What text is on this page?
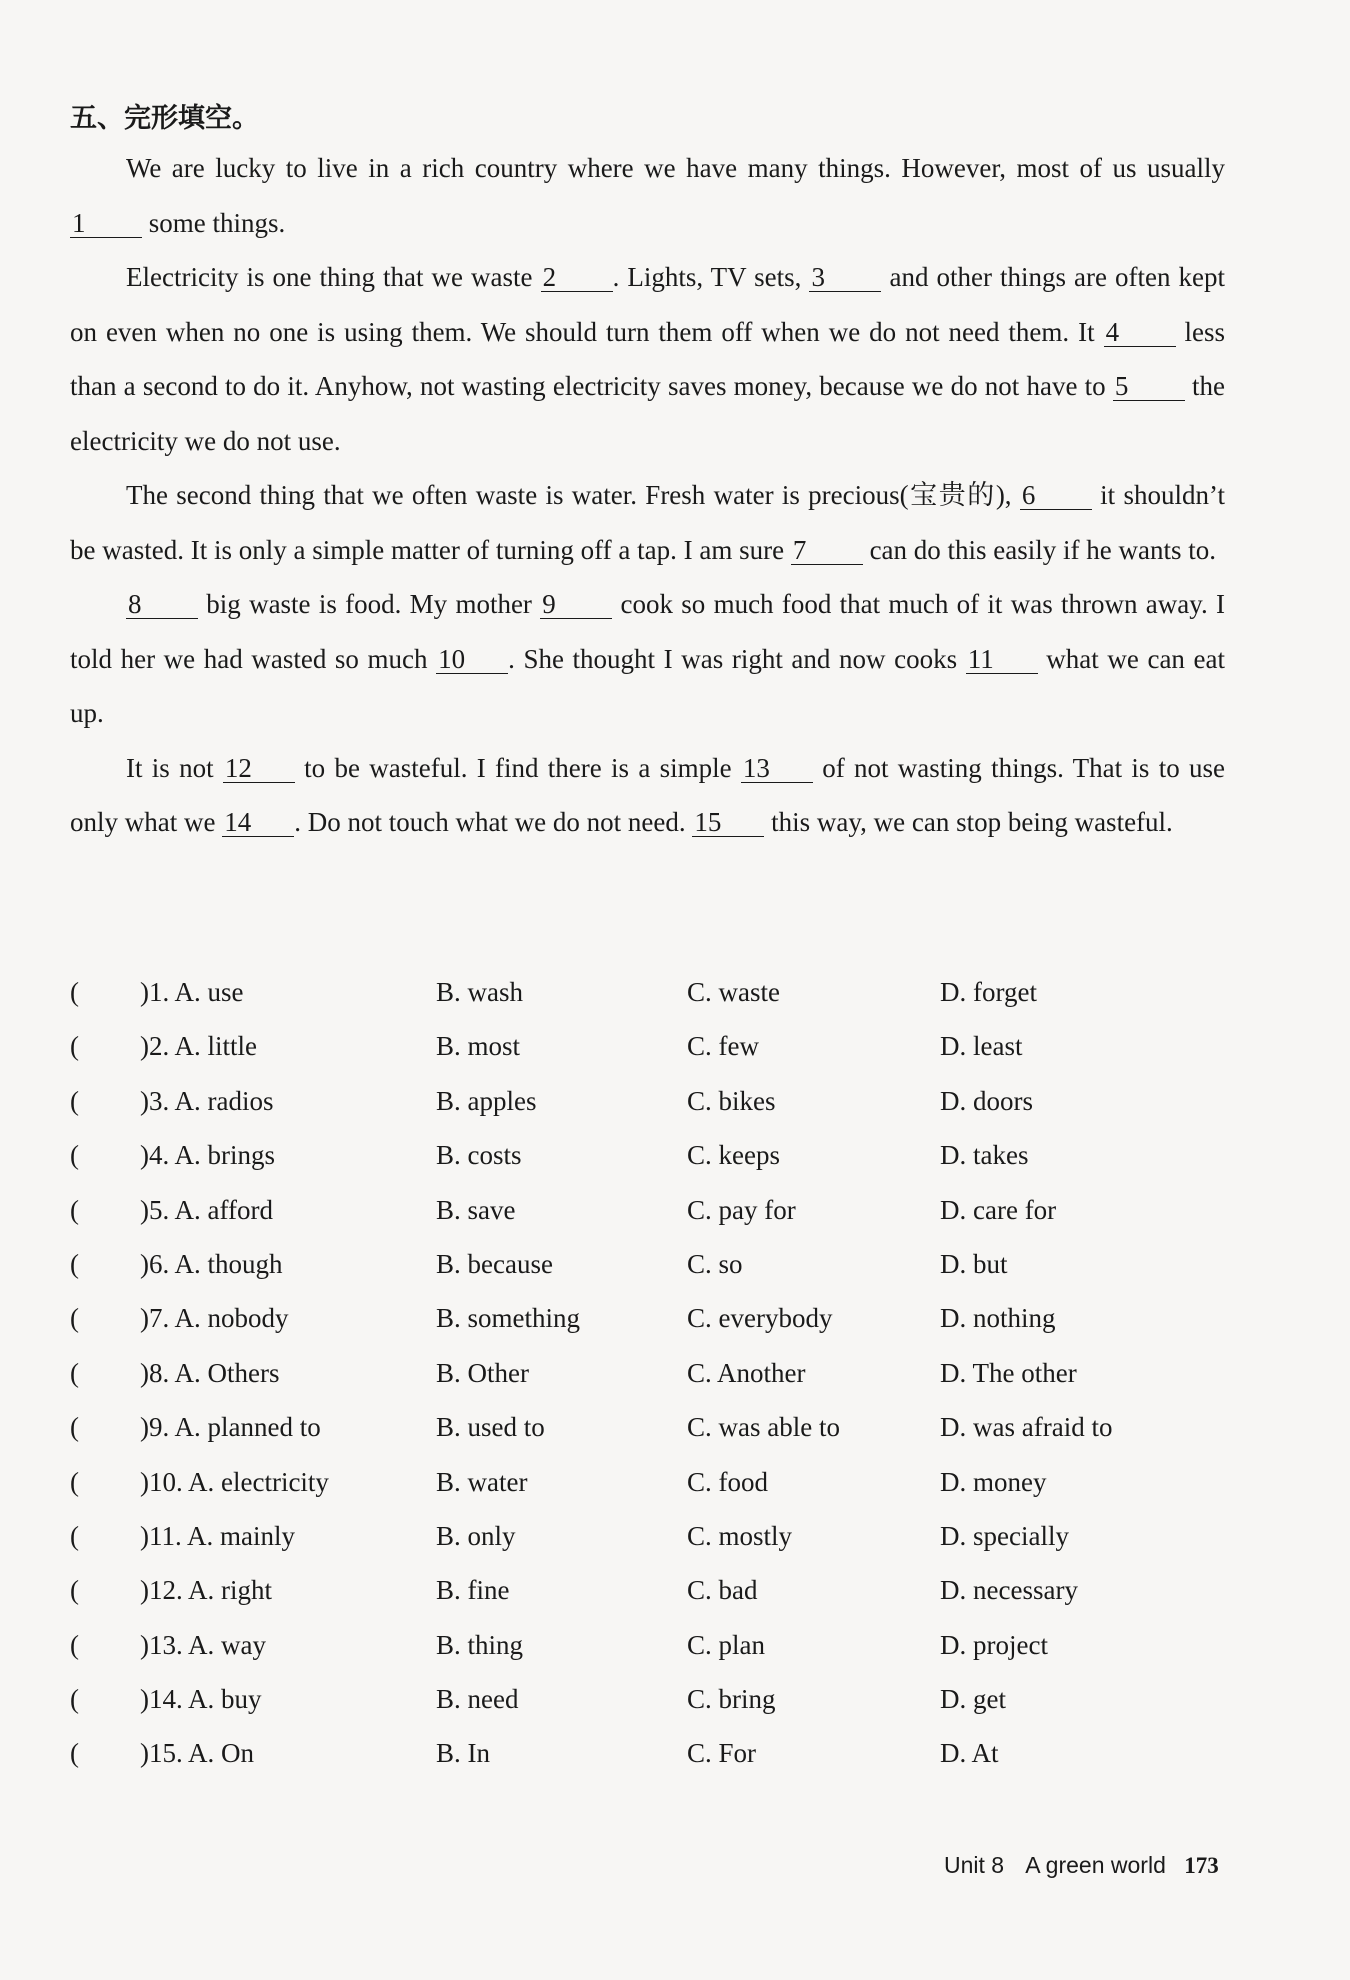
五、完形填空。

We are lucky to live in a rich country where we have many things. However, most of us usually 1 some things.

Electricity is one thing that we waste 2 . Lights, TV sets, 3 and other things are often kept on even when no one is using them. We should turn them off when we do not need them. It 4 less than a second to do it. Anyhow, not wasting electricity saves money, because we do not have to 5 the electricity we do not use.

The second thing that we often waste is water. Fresh water is precious(宝贵的), 6 it shouldn’t be wasted. It is only a simple matter of turning off a tap. I am sure 7 can do this easily if he wants to.

8 big waste is food. My mother 9 cook so much food that much of it was thrown away. I told her we had wasted so much 10 . She thought I was right and now cooks 11 what we can eat up.

It is not 12 to be wasteful. I find there is a simple 13 of not wasting things. That is to use only what we 14 . Do not touch what we do not need. 15 this way, we can stop being wasteful.

( )1. A. use	B. wash	C. waste	D. forget
( )2. A. little	B. most	C. few	D. least
( )3. A. radios	B. apples	C. bikes	D. doors
( )4. A. brings	B. costs	C. keeps	D. takes
( )5. A. afford	B. save	C. pay for	D. care for
( )6. A. though	B. because	C. so	D. but
( )7. A. nobody	B. something	C. everybody	D. nothing
( )8. A. Others	B. Other	C. Another	D. The other
( )9. A. planned to	B. used to	C. was able to	D. was afraid to
( )10. A. electricity	B. water	C. food	D. money
( )11. A. mainly	B. only	C. mostly	D. specially
( )12. A. right	B. fine	C. bad	D. necessary
( )13. A. way	B. thing	C. plan	D. project
( )14. A. buy	B. need	C. bring	D. get
( )15. A. On	B. In	C. For	D. At
Unit 8 A green world 173
